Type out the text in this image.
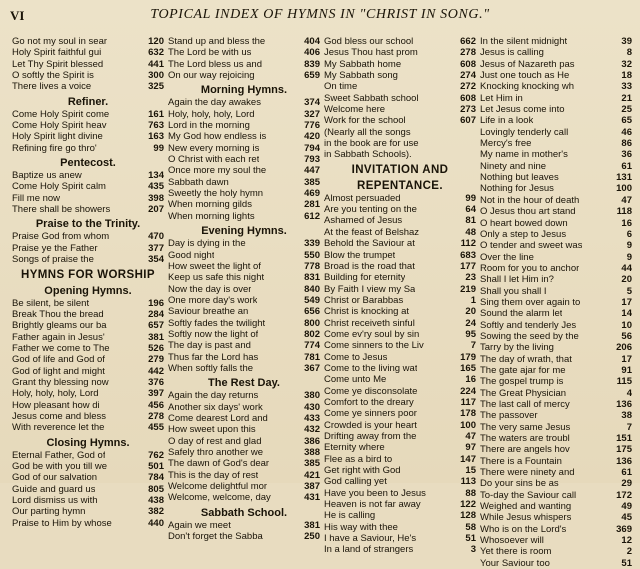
VI	TOPICAL INDEX OF HYMNS IN "CHRIST IN SONG."
Go not my soul in sear	120
Holy Spirit faithful gui	632
Let Thy Spirit blessed	441
O softly the Spirit is	300
There lives a voice	325
Refiner.
Come Holy Spirit come	161
Come Holy Spirit heav	763
Holy Spirit light divine	163
Refining fire go thro'	99
Pentecost.
Baptize us anew	134
Come Holy Spirit calm	435
Fill me now	398
There shall be showers	207
Praise to the Trinity.
Praise God from whom	470
Praise ye the Father	377
Songs of praise the	354
HYMNS FOR WORSHIP
Opening Hymns.
Be silent, be silent	196
Break Thou the bread	284
Brightly gleams our ba	657
Father again in Jesus'	381
Father we come to The	526
God of life and God of	279
God of light and might	442
Grant thy blessing now	376
Holy, holy, holy, Lord	397
How pleasant how di	456
Jesus come and bless	278
With reverence let the	455
Closing Hymns.
Eternal Father, God of	762
God be with you till we	501
God of our salvation	784
Guide and guard us	805
Lord dismiss us with	438
Our parting hymn	382
Praise to Him by whose	440
Stand up and bless the	404
The Lord be with us	406
The Lord bless us and	839
On our way rejoicing	659
Morning Hymns.
Again the day awakes	374
Holy, holy, holy, Lord	327
Lord in the morning	776
My God how endless is	420
New every morning is	794
O Christ with each ret	793
Once more my soul the	447
Sabbath dawn	385
Sweetly the holy hymn	469
When morning gilds	281
When morning lights	612
Evening Hymns.
Day is dying in the	339
Good night	550
How sweet the light of	778
Keep us safe this night	831
Now the day is over	840
One more day's work	549
Saviour breathe an	656
Softly fades the twilight	800
Softly now the light of	802
The day is past and	774
Thus far the Lord has	781
When softly falls the	367
The Rest Day.
Again the day returns	380
Another six days' work	430
Come dearest Lord and	433
How sweet upon this	432
O day of rest and glad	386
Safely thro another we	388
The dawn of God's dear	385
This is the day of rest	421
Welcome delightful mor	387
Welcome, welcome, day	431
Sabbath School.
Again we meet	381
Don't forget the Sabba	250
God bless our school	662
Jesus Thou hast prom	278
My Sabbath home	608
My Sabbath song	274
On time	272
Sweet Sabbath school	608
Welcome here	273
Work for the school	607
(Nearly all the songs
in the book are for use
in Sabbath Schools).
INVITATION AND
REPENTANCE.
Almost persuaded	99
Are you tenting on the	64
Ashamed of Jesus	81
At the feast of Belshaz	48
Behold the Saviour at	112
Blow the trumpet	683
Broad is the road that	177
Building for eternity	23
By Faith I view my Sa	219
Christ or Barabbas	1
Christ is knocking at	20
Christ receiveth sinful	24
Come ev'ry soul by sin	95
Come sinners to the Liv	7
Come to Jesus	179
Come to the living wat	165
Come unto Me	16
Come ye disconsolate	224
Comfort to the dreary	117
Come ye sinners poor	178
Crowded is your heart	100
Drifting away from the	47
Eternity where	97
Flee as a bird to	147
Get right with God	15
God calling yet	113
Have you been to Jesus	88
Heaven is not far away	122
He is calling	128
His way with thee	58
I have a Saviour, He's	51
In a land of strangers	3
In the silent midnight	39
Jesus is calling	8
Jesus of Nazareth pas	32
Just one touch as He	18
Knocking knocking wh	33
Let Him in	21
Let Jesus come into	25
Life in a look	65
Lovingly tenderly call	46
Mercy's free	86
My name in mother's	36
Ninety and nine	61
Nothing but leaves	131
Nothing for Jesus	100
Not in the hour of death	47
O Jesus thou art stand	118
O heart bowed down	16
Only a step to Jesus	6
O tender and sweet was	9
Over the line	9
Room for you to anchor	44
Shall I let Him in?	20
Shall you shall I	5
Sing them over again to	17
Sound the alarm let	14
Softly and tenderly Jes	10
Sowing the seed by the	56
Tarry by the living	206
The day of wrath, that	17
The gate ajar for me	91
The gospel trump is	115
The Great Physician	4
The last call of mercy	136
The passover	38
The very same Jesus	7
The waters are troubl	151
There are angels hov	175
There is a Fountain	136
There were ninety and	61
Do your sins be as	29
To-day the Saviour call	172
Weighed and wanting	49
While Jesus whispers	45
Who is on the Lord's	369
Whosoever will	12
Yet there is room	2
Your Saviour too	51
